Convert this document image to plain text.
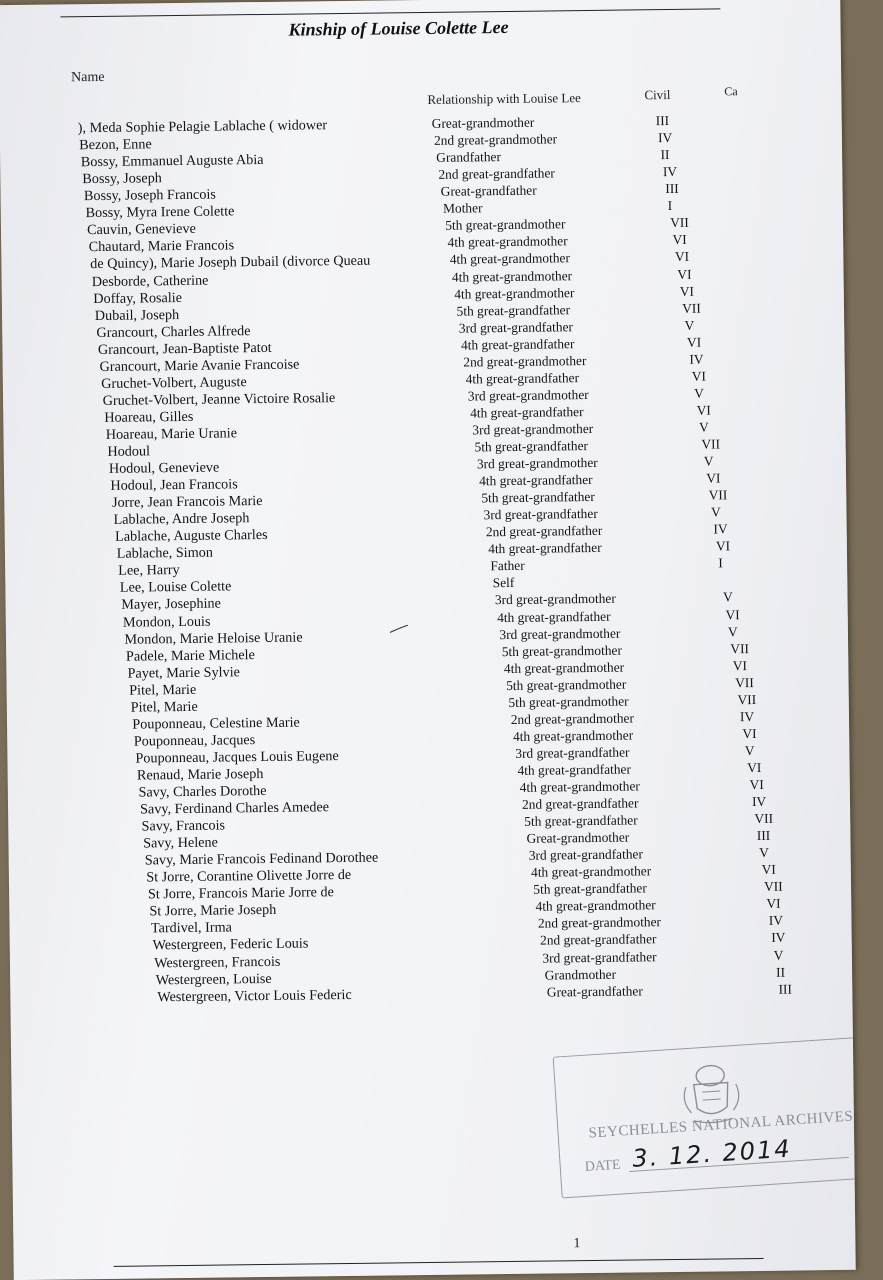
Kinship of Louise Colette Lee
Name
Relationship with Louise Lee	Civil	Ca
), Meda Sophie Pelagie Lablache ( widower	Great-grandmother	III
Bezon, Enne	2nd great-grandmother	IV
Bossy, Emmanuel Auguste Abia	Grandfather	II
Bossy, Joseph	2nd great-grandfather	IV
Bossy, Joseph Francois	Great-grandfather	III
Bossy, Myra Irene Colette	Mother	I
Cauvin, Genevieve	5th great-grandmother	VII
Chautard, Marie Francois	4th great-grandmother	VI
de Quincy), Marie Joseph Dubail (divorce Queau	4th great-grandmother	VI
Desborde, Catherine	4th great-grandmother	VI
Doffay, Rosalie	4th great-grandmother	VI
Dubail, Joseph	5th great-grandfather	VII
Grancourt, Charles Alfrede	3rd great-grandfather	V
Grancourt, Jean-Baptiste Patot	4th great-grandfather	VI
Grancourt, Marie Avanie Francoise	2nd great-grandmother	IV
Gruchet-Volbert, Auguste	4th great-grandfather	VI
Gruchet-Volbert, Jeanne Victoire Rosalie	3rd great-grandmother	V
Hoareau, Gilles	4th great-grandfather	VI
Hoareau, Marie Uranie	3rd great-grandmother	V
Hodoul	5th great-grandfather	VII
Hodoul, Genevieve	3rd great-grandmother	V
Hodoul, Jean Francois	4th great-grandfather	VI
Jorre, Jean Francois Marie	5th great-grandfather	VII
Lablache, Andre Joseph	3rd great-grandfather	V
Lablache, Auguste Charles	2nd great-grandfather	IV
Lablache, Simon	4th great-grandfather	VI
Lee, Harry	Father	I
Lee, Louise Colette	Self
Mayer, Josephine	3rd great-grandmother	V
Mondon, Louis	4th great-grandfather	VI
Mondon, Marie Heloise Uranie	3rd great-grandmother	V
Padele, Marie Michele	5th great-grandmother	VII
Payet, Marie Sylvie	4th great-grandmother	VI
Pitel, Marie	5th great-grandmother	VII
Pitel, Marie	5th great-grandmother	VII
Pouponneau, Celestine Marie	2nd great-grandmother	IV
Pouponneau, Jacques	4th great-grandmother	VI
Pouponneau, Jacques Louis Eugene	3rd great-grandfather	V
Renaud, Marie Joseph	4th great-grandfather	VI
Savy, Charles Dorothe	4th great-grandmother	VI
Savy, Ferdinand Charles Amedee	2nd great-grandfather	IV
Savy, Francois	5th great-grandfather	VII
Savy, Helene	Great-grandmother	III
Savy, Marie Francois Fedinand Dorothee	3rd great-grandfather	V
St Jorre, Corantine Olivette Jorre de	4th great-grandmother	VI
St Jorre, Francois Marie Jorre de	5th great-grandfather	VII
St Jorre, Marie Joseph	4th great-grandmother	VI
Tardivel, Irma	2nd great-grandmother	IV
Westergreen, Federic Louis	2nd great-grandfather	IV
Westergreen, Francois	3rd great-grandfather	V
Westergreen, Louise	Grandmother	II
Westergreen, Victor Louis Federic	Great-grandfather	III
SEYCHELLES NATIONAL ARCHIVES
DATE 3. 12. 2014
1
